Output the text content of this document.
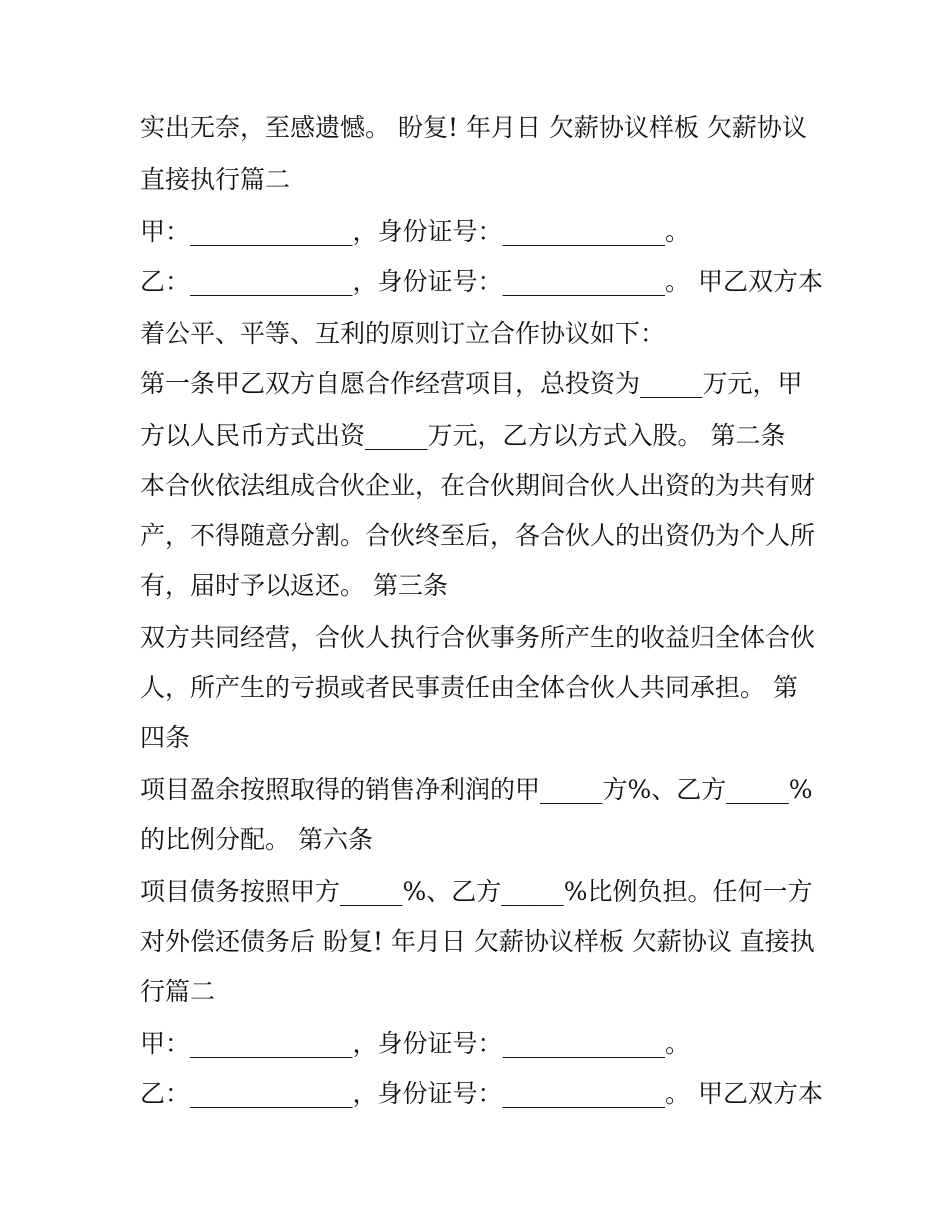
实出无奈，至感遗憾。 盼复! 年月日 欠薪协议样板 欠薪协议

直接执行篇二

甲：_____________，身份证号：_____________。

乙：_____________，身份证号：_____________。 甲乙双方本

着公平、平等、互利的原则订立合作协议如下：

第一条甲乙双方自愿合作经营项目，总投资为_____万元，甲

方以人民币方式出资_____万元，乙方以方式入股。 第二条

本合伙依法组成合伙企业，在合伙期间合伙人出资的为共有财

产，不得随意分割。合伙终至后，各合伙人的出资仍为个人所

有，届时予以返还。 第三条

双方共同经营，合伙人执行合伙事务所产生的收益归全体合伙

人，所产生的亏损或者民事责任由全体合伙人共同承担。 第

四条

项目盈余按照取得的销售净利润的甲_____方%、乙方_____%

的比例分配。 第六条

项目债务按照甲方_____%、乙方_____%比例负担。任何一方

对外偿还债务后 盼复! 年月日 欠薪协议样板 欠薪协议 直接执

行篇二

甲：_____________，身份证号：_____________。

乙：_____________，身份证号：_____________。 甲乙双方本
